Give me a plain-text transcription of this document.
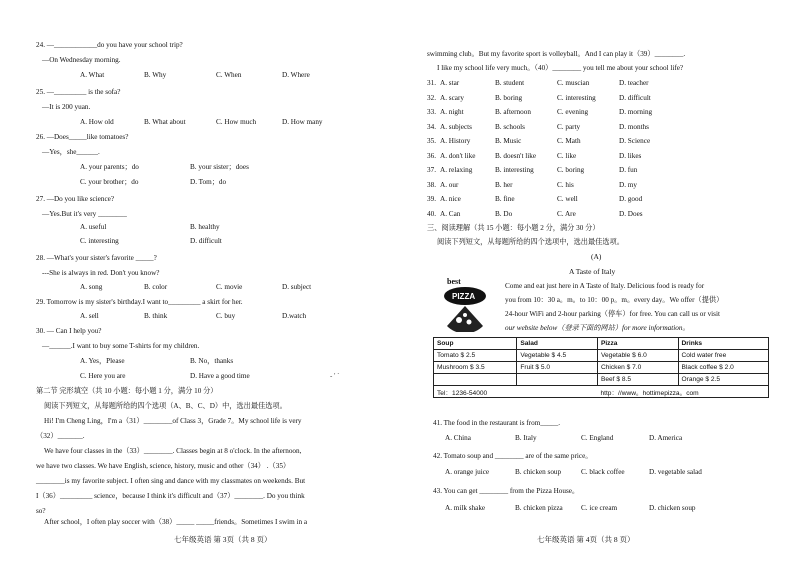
24. —____________do you have your school trip?
—On Wednesday morning.
25. —_________ is the sofa?
—It is 200 yuan.
26. —Does_____like tomatoes?
—Yes，she______.
27. —Do you like science?
—Yes.But it's very ________
28. —What's your sister's favorite _____?
---She is always in red. Don't you know?
29. Tomorrow is my sister's birthday.I want to_________ a skirt for her.
30. — Can I help you?
—______.I want to buy some T-shirts for my children.
第二节 完形填空（共 10 小题：每小题 1 分，满分 10 分）
阅读下列短文，从每题所给的四个选项（A、B、C、D）中，选出最佳选项。
Hi! I'm Cheng Ling，I'm a（31）________of Class 3，Grade 7。My school life is very
（32）_______.
We have four classes in the（33）________. Classes begin at 8 o'clock. In the afternoon,
we have two classes. We have English, science, history, music and other（34） .（35）
________is my favorite subject. I often sing and dance with my classmates on weekends. But
I（36）_________ science，because I think it's difficult and（37）________. Do you think
so?
After school，I often play soccer with（38）_____ _____friends。Sometimes I swim in a
A. What	B. Why	C. When	D. Where
A. How old	B. What about	C. How much	D. How many
A. your parents；do	B. your sister；does
C. your brother；do	D. Tom；do
A. useful	B. healthy
C. interesting	D. difficult
A. song	B. color	C. movie	D. subject
A. sell	B. think	C. buy	D.watch
A. Yes，Please	B. No，thanks
C. Here you are	D. Have a good time	‐ ' ˊ
七年级英语 第 3页（共 8 页）
swimming club。But my favorite sport is volleyball。And I can play it（39）________.
I like my school life very much。（40）________ you tell me about your school life?
三、阅读理解（共 15 小题：每小题 2 分，满分 30 分）
阅读下列短文，从每题所给的四个选项中，选出最佳选项。
Come and eat just here in A Taste of Italy. Delicious food is ready for
you from 10：30 a。m。to 10：00 p。m。every day。We offer（提供）
24-hour WiFi and 2-hour parking（停车）for free. You can call us or visit
our website below（登录下面的网站）for more information。
41. The food in the restaurant is from_____.
42. Tomato soup and ________ are of the same price。
43. You can get ________ from the Pizza House。
31. A. star	B. student	C. muscian	D. teacher
32. A. scary	B. boring	C. interesting	D. difficult
33. A. night	B. afternoon	C. evening	D. morning
34. A. subjects	B. schools	C. party	D. months
35. A. History	B. Music	C. Math	D. Science
36. A. don't like	B. doesn't like	C. like	D. likes
37. A. relaxing	B. interesting	C. boring	D. fun
38. A. our	B. her	C. his	D. my
39. A. nice	B. fine	C. well	D. good
40. A. Can	B. Do	C. Are	D. Does
(A)
A Taste of Italy
best
PIZZA
Soup	Salad	Pizza	Drinks
Tomato $ 2.5	Vegetable $ 4.5	Vegetable $ 6.0	Cold water free
Mushroom $ 3.5	Fruit $ 5.0	Chicken $ 7.0	Black coffee $ 2.0
		Beef $ 8.5	Orange $ 2.5
Tel：1236-54000		http：//www。hottimepizza。com	
A. China	B. Italy	C. England	D. America
A. orange juice	B. chicken soup	C. black coffee	D. vegetable salad
A. milk shake	B. chicken pizza	C. ice cream	D. chicken soup
七年级英语 第 4页（共 8 页）
